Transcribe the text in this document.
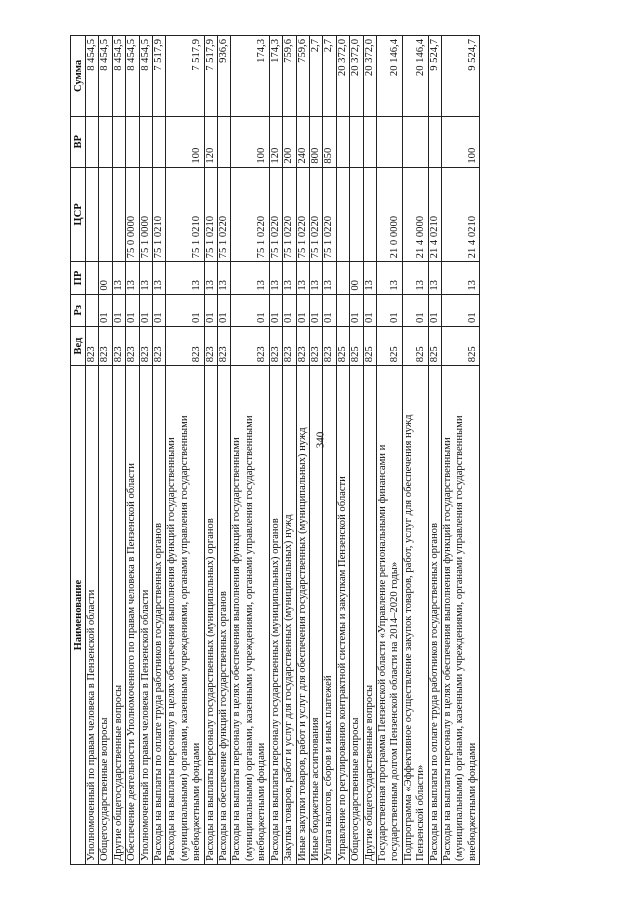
340
Наименование	Вед	Рз	ПР	ЦСР	ВР	Сумма
Уполномоченный по правам человека в Пензенской области	823					8 454,5
Общегосударственные вопросы	823	01	00			8 454,5
Другие общегосударственные вопросы	823	01	13			8 454,5
Обеспечение деятельности Уполномоченного по правам человека в Пензенской области	823	01	13	75 0 0000		8 454,5
Уполномоченный по правам человека в Пензенской области	823	01	13	75 1 0000		8 454,5
Расходы на выплаты по оплате труда работников государственных органов	823	01	13	75 1 0210		7 517,9
Расходы на выплаты персоналу в целях обеспечения выполнения функций государственными (муниципальными) органами, казенными учреждениями, органами управления государственными внебюджетными фондами	823	01	13	75 1 0210	100	7 517,9
Расходы на выплаты персоналу государственных (муниципальных) органов	823	01	13	75 1 0210	120	7 517,9
Расходы на обеспечение функций государственных органов	823	01	13	75 1 0220		936,6
Расходы на выплаты персоналу в целях обеспечения выполнения функций государственными (муниципальными) органами, казенными учреждениями, органами управления государственными внебюджетными фондами	823	01	13	75 1 0220	100	174,3
Расходы на выплаты персоналу государственных (муниципальных) органов	823	01	13	75 1 0220	120	174,3
Закупка товаров, работ и услуг для государственных (муниципальных) нужд	823	01	13	75 1 0220	200	759,6
Иные закупки товаров, работ и услуг для обеспечения государственных (муниципальных) нужд	823	01	13	75 1 0220	240	759,6
Иные бюджетные ассигнования	823	01	13	75 1 0220	800	2,7
Уплата налогов, сборов и иных платежей	823	01	13	75 1 0220	850	2,7
Управление по регулированию контрактной системы и закупкам Пензенской области	825					20 372,0
Общегосударственные вопросы	825	01	00			20 372,0
Другие общегосударственные вопросы	825	01	13			20 372,0
Государственная программа Пензенской области «Управление региональными финансами и государственным долгом Пензенской области на 2014–2020 годы»	825	01	13	21 0 0000		20 146,4
Подпрограмма «Эффективное осуществление закупок товаров, работ, услуг для обеспечения нужд Пензенской области»	825	01	13	21 4 0000		20 146,4
Расходы на выплаты по оплате труда работников государственных органов	825	01	13	21 4 0210		9 524,7
Расходы на выплаты персоналу в целях обеспечения выполнения функций государственными (муниципальными) органами, казенными учреждениями, органами управления государственными внебюджетными фондами	825	01	13	21 4 0210	100	9 524,7
